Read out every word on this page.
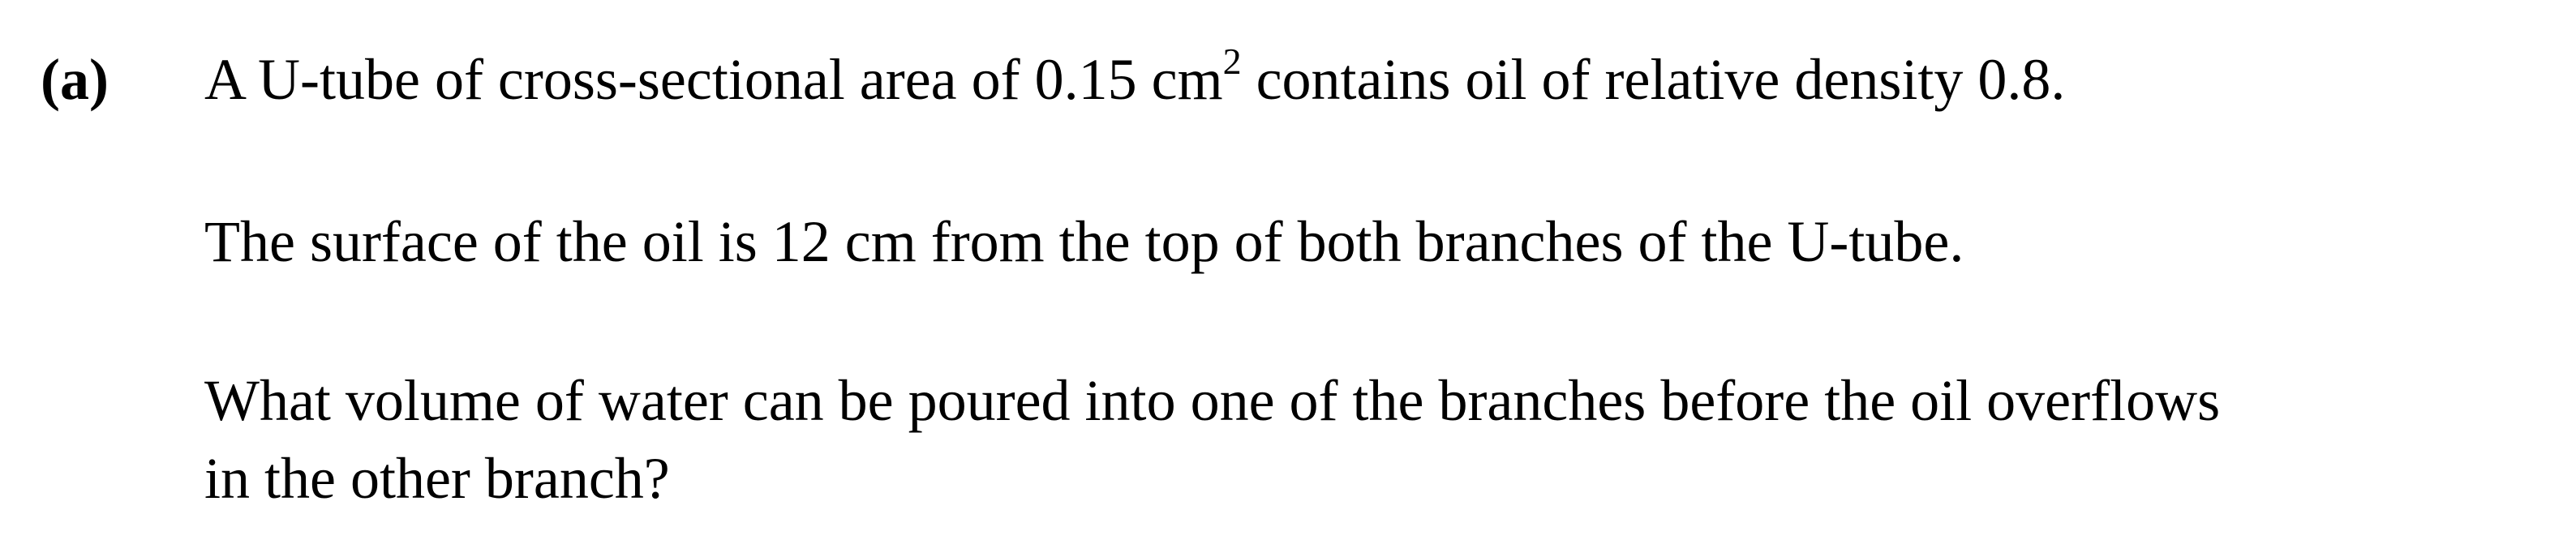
(a) A U-tube of cross-sectional area of 0.15 $cm^2$ contains oil of relative density 0.8.
The surface of the oil is 12 cm from the top of both branches of the U-tube.
What volume of water can be poured into one of the branches before the oil overflows
in the other branch?
